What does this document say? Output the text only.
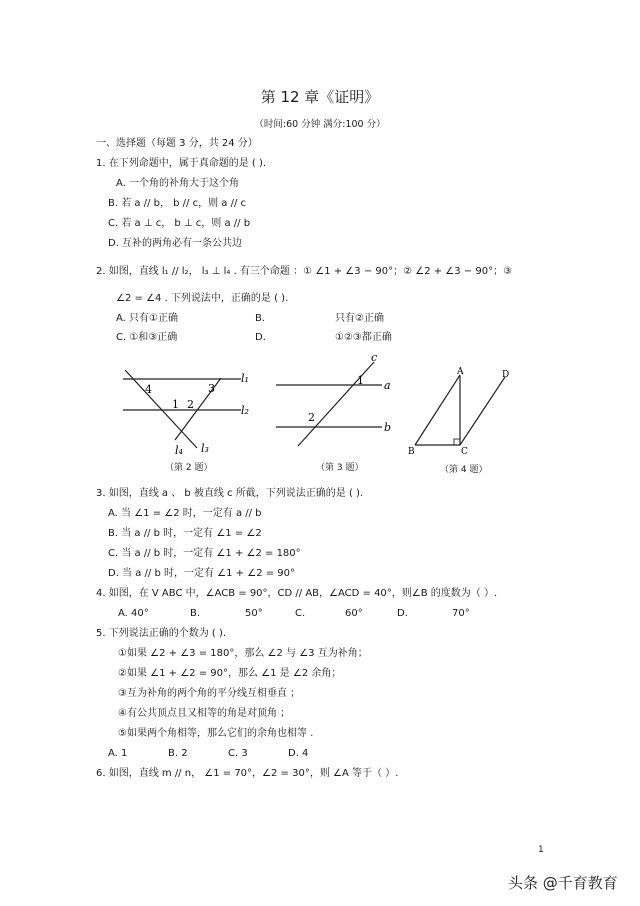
第 12 章《证明》
（时间:60 分钟 满分:100 分）
一、选择题（每题 3 分，共 24 分）
1. 在下列命题中，属于真命题的是 ( ).
A. 一个角的补角大于这个角
B. 若 a // b， b // c，则 a // c
C. 若 a ⊥ c， b ⊥ c，则 a // b
D. 互补的两角必有一条公共边
2. 如图，直线 l₁ // l₂， l₃ ⊥ l₄ . 有三个命题 ：① ∠1 + ∠3 − 90°；② ∠2 + ∠3 − 90°；③
∠2 = ∠4 . 下列说法中，正确的是 ( ).
A. 只有①正确	B.	只有②正确
C. ①和③正确	D.	①②③都正确
4	3
1 2
l₁
l₂
l₄ l₃
（第 2 题）
c
1 a
2
b
（第 3 题）
A	D
B	C
（第 4 题）
3. 如图，直线 a 、 b 被直线 c 所截，下列说法正确的是 ( ).
A. 当 ∠1 = ∠2 时，一定有 a // b
B. 当 a // b 时，一定有 ∠1 = ∠2
C. 当 a // b 时，一定有 ∠1 + ∠2 = 180°
D. 当 a // b 时，一定有 ∠1 + ∠2 = 90°
4. 如图，在 V ABC 中，∠ACB = 90°，CD // AB，∠ACD = 40°，则∠B 的度数为（ ）.
A. 40°	B.	50°	C.	60°	D.	70°
5. 下列说法正确的个数为 ( ).
①如果 ∠2 + ∠3 = 180°，那么 ∠2 与 ∠3 互为补角；
②如果 ∠1 + ∠2 = 90°，那么 ∠1 是 ∠2 余角；
③互为补角的两个角的平分线互相垂直 ；
④有公共顶点且又相等的角是对顶角 ；
⑤如果两个角相等，那么它们的余角也相等 .
A. 1	B. 2	C. 3	D. 4
6. 如图，直线 m // n， ∠1 = 70°，∠2 = 30°，则 ∠A 等于（ ）.
1
头条 @千育教育
